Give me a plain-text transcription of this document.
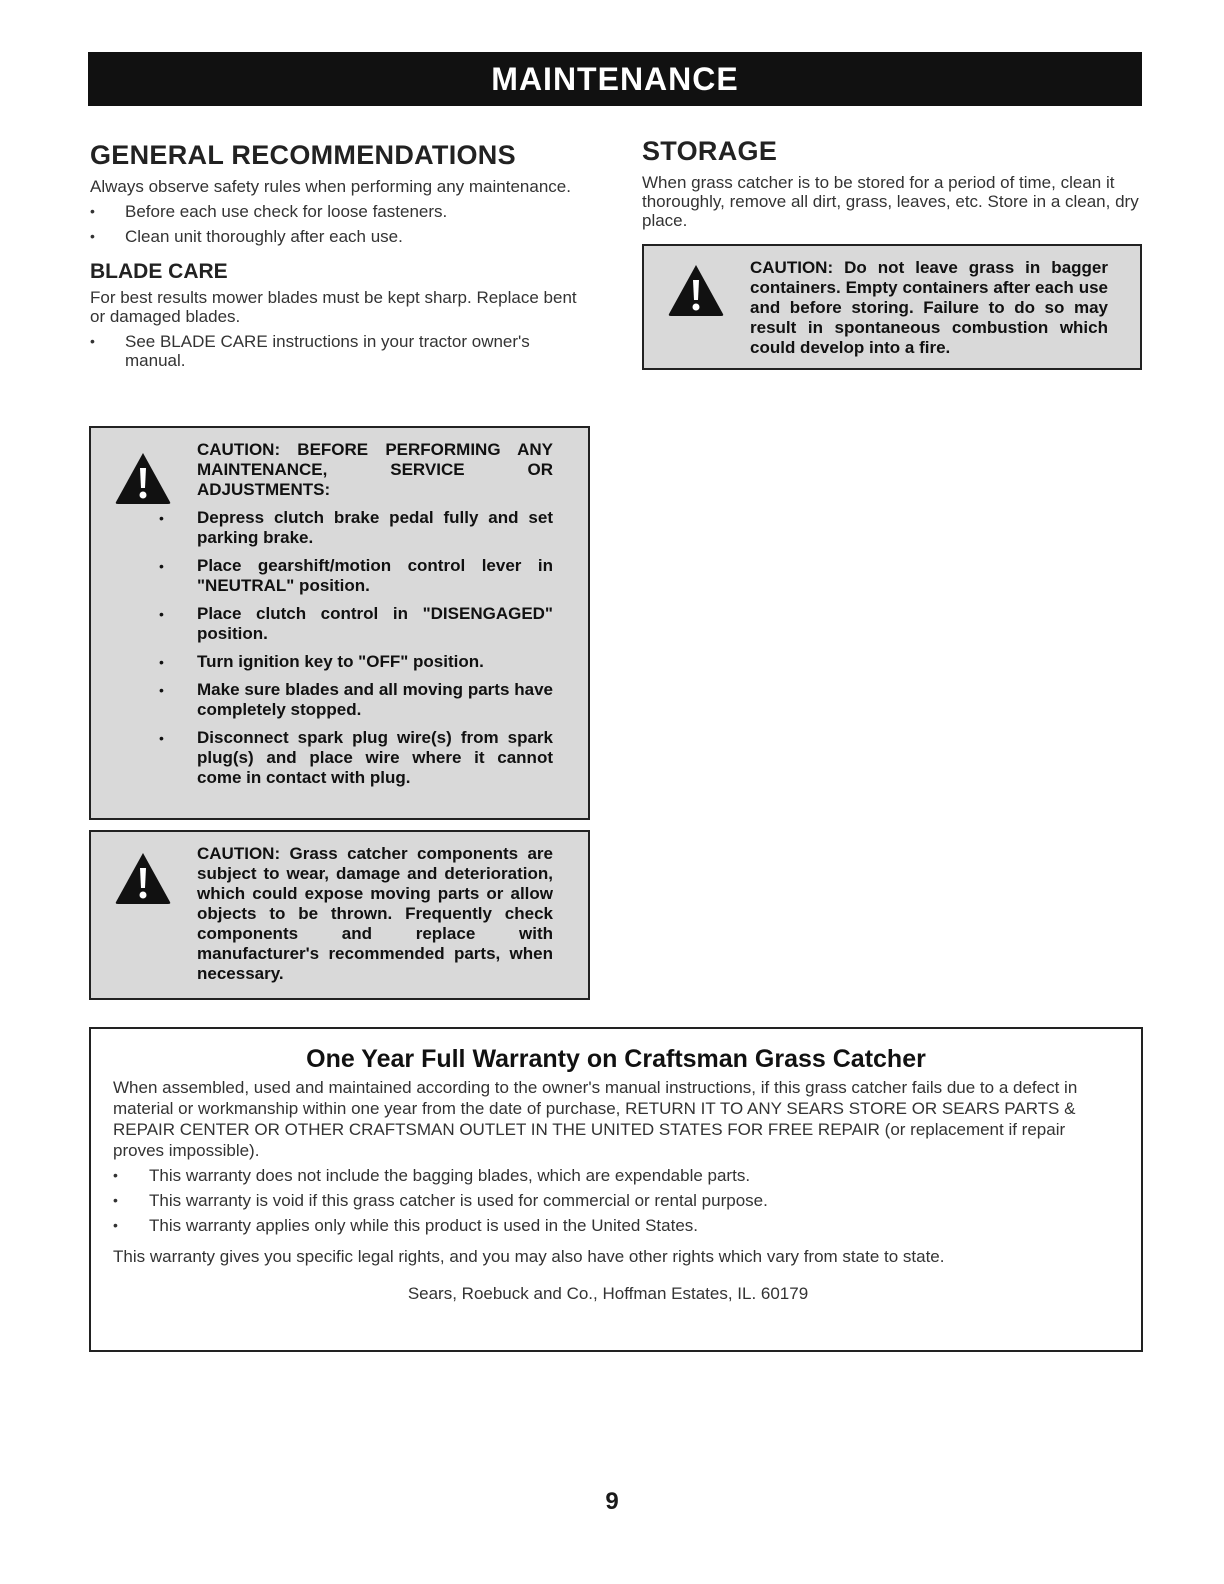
MAINTENANCE
GENERAL RECOMMENDATIONS

Always observe safety rules when performing any maintenance.

• Before each use check for loose fasteners.
• Clean unit thoroughly after each use.
BLADE CARE

For best results mower blades must be kept sharp. Replace bent or damaged blades.

• See BLADE CARE instructions in your tractor owner's manual.
CAUTION: BEFORE PERFORMING ANY MAINTENANCE, SERVICE OR ADJUSTMENTS:
• Depress clutch brake pedal fully and set parking brake.
• Place gearshift/motion control lever in "NEUTRAL" position.
• Place clutch control in "DISENGAGED" position.
• Turn ignition key to "OFF" position.
• Make sure blades and all moving parts have completely stopped.
• Disconnect spark plug wire(s) from spark plug(s) and place wire where it cannot come in contact with plug.
CAUTION: Grass catcher components are subject to wear, damage and deterioration, which could expose moving parts or allow objects to be thrown. Frequently check components and replace with manufacturer's recommended parts, when necessary.
STORAGE

When grass catcher is to be stored for a period of time, clean it thoroughly, remove all dirt, grass, leaves, etc. Store in a clean, dry place.

CAUTION: Do not leave grass in bagger containers. Empty containers after each use and before storing. Failure to do so may result in spontaneous combustion which could develop into a fire.
One Year Full Warranty on Craftsman Grass Catcher
When assembled, used and maintained according to the owner's manual instructions, if this grass catcher fails due to a defect in material or workmanship within one year from the date of purchase, RETURN IT TO ANY SEARS STORE OR SEARS PARTS & REPAIR CENTER OR OTHER CRAFTSMAN OUTLET IN THE UNITED STATES FOR FREE REPAIR (or replacement if repair proves impossible).
• This warranty does not include the bagging blades, which are expendable parts.
• This warranty is void if this grass catcher is used for commercial or rental purpose.
• This warranty applies only while this product is used in the United States.
This warranty gives you specific legal rights, and you may also have other rights which vary from state to state.
Sears, Roebuck and Co., Hoffman Estates, IL. 60179
9
